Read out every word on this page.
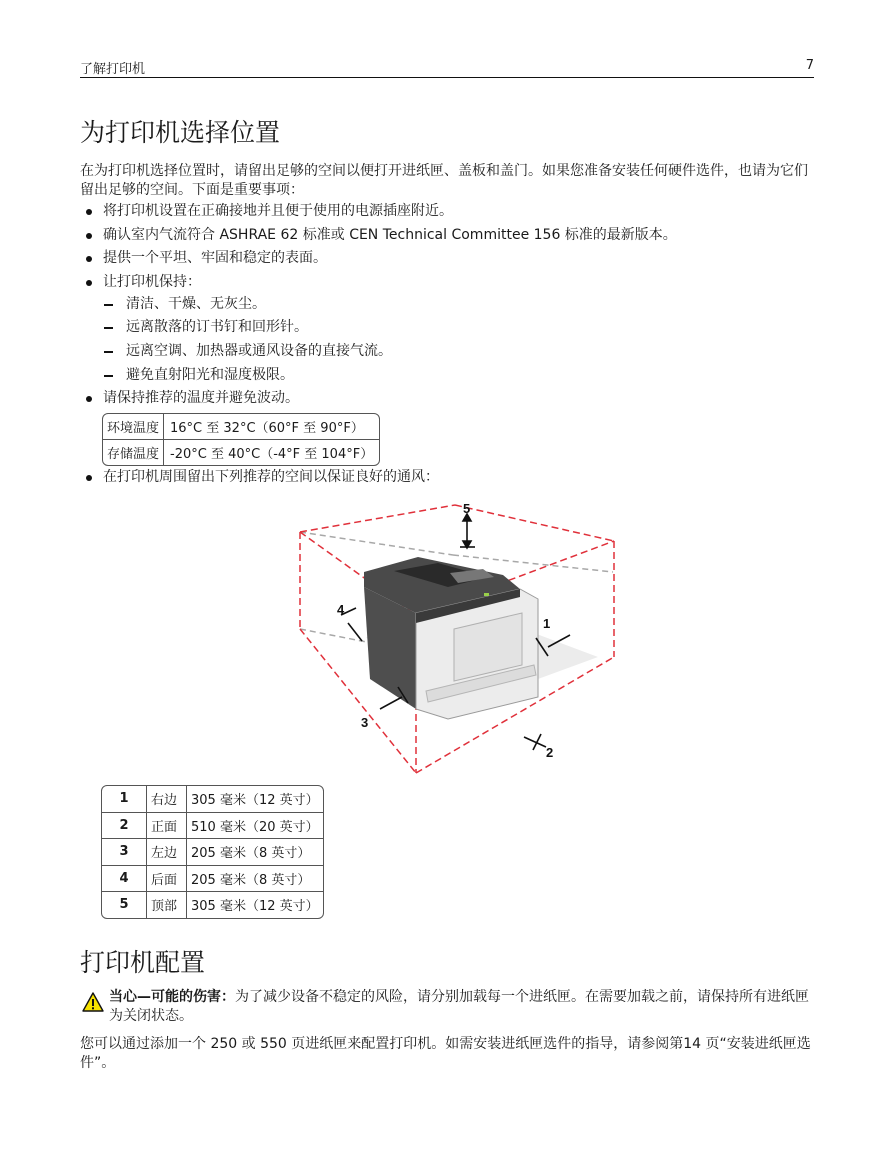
了解打印机	7
为打印机选择位置

在为打印机选择位置时，请留出足够的空间以便打开进纸匣、盖板和盖门。如果您准备安装任何硬件选件，也请为它们留出足够的空间。下面是重要事项：

将打印机设置在正确接地并且便于使用的电源插座附近。
确认室内气流符合 ASHRAE 62 标准或 CEN Technical Committee 156 标准的最新版本。
提供一个平坦、牢固和稳定的表面。
让打印机保持：
清洁、干燥、无灰尘。
远离散落的订书钉和回形针。
远离空调、加热器或通风设备的直接气流。
避免直射阳光和湿度极限。
请保持推荐的温度并避免波动。
环境温度	16°C 至 32°C（60°F 至 90°F）
存储温度	-20°C 至 40°C（-4°F 至 104°F）
在打印机周围留出下列推荐的空间以保证良好的通风：
1
2
3
4
5
1	右边	305 毫米（12 英寸）
2	正面	510 毫米（20 英寸）
3	左边	205 毫米（8 英寸）
4	后面	205 毫米（8 英寸）
5	顶部	305 毫米（12 英寸）
打印机配置
当心—可能的伤害：为了减少设备不稳定的风险，请分别加载每一个进纸匣。在需要加载之前，请保持所有进纸匣为关闭状态。

您可以通过添加一个 250 或 550 页进纸匣来配置打印机。如需安装进纸匣选件的指导，请参阅第14 页“安装进纸匣选件”。
